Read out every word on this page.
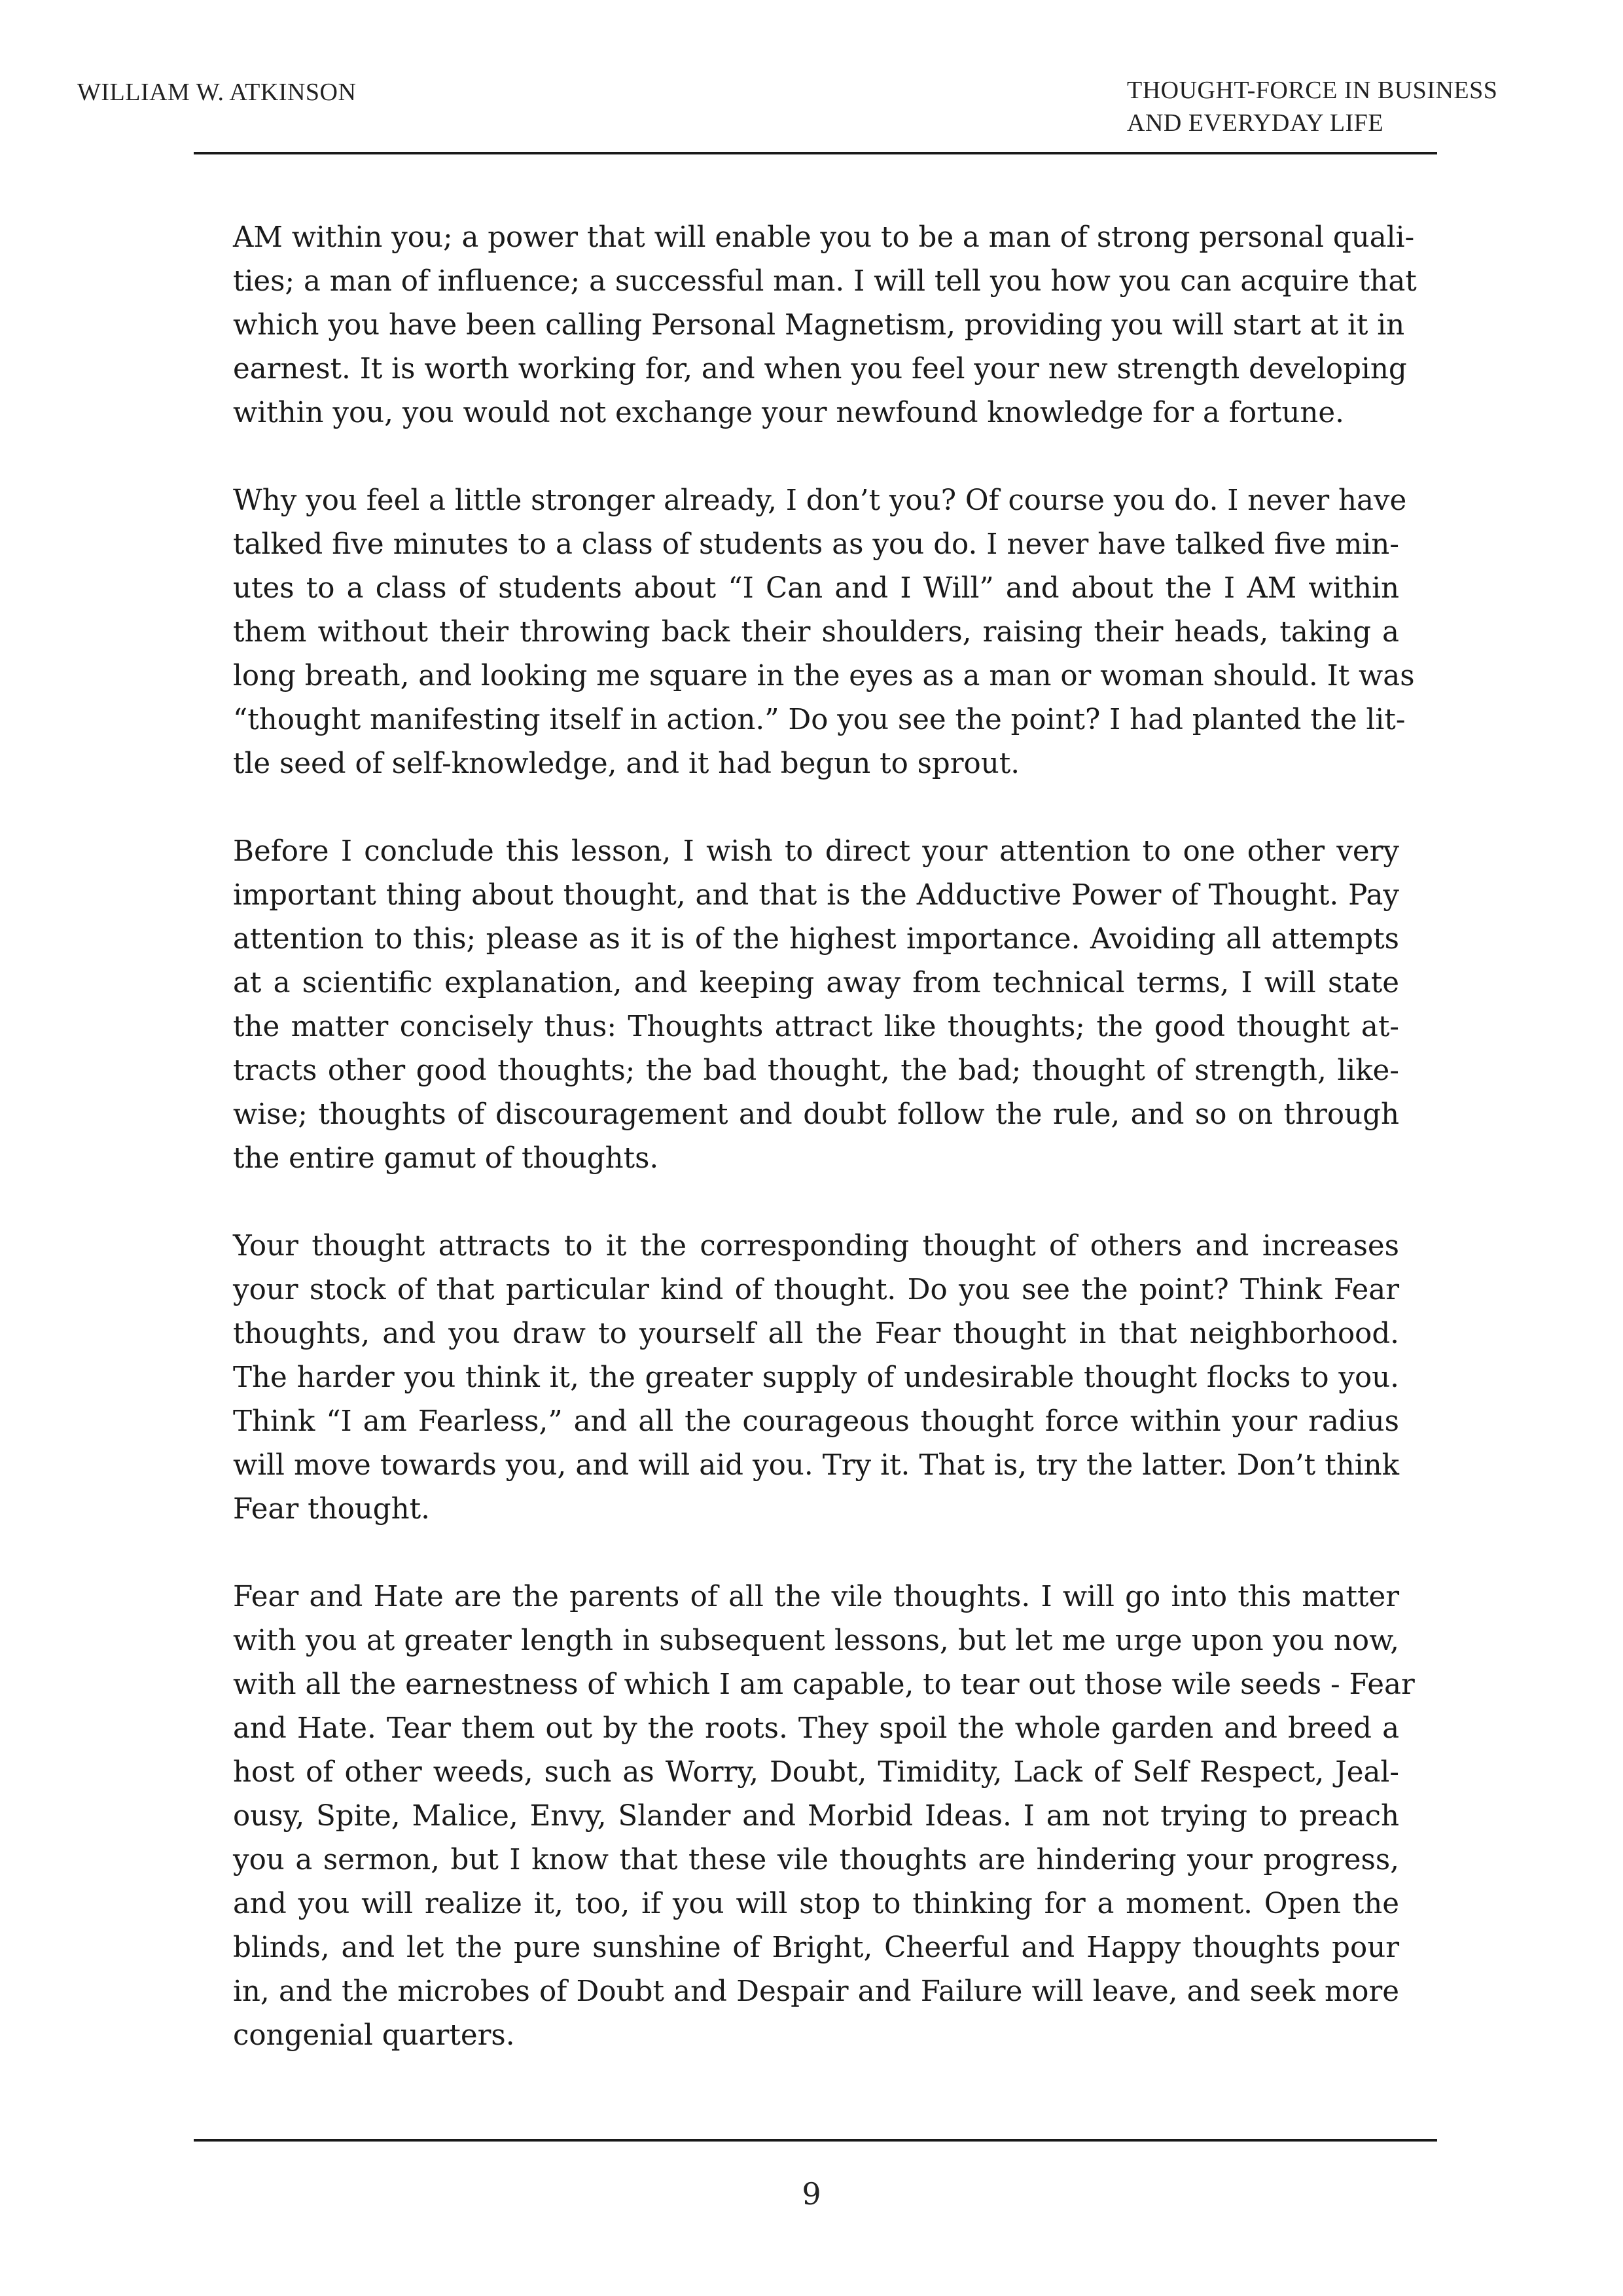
WILLIAM W. ATKINSON	THOUGHT-FORCE IN BUSINESS
AND EVERYDAY LIFE
AM within you; a power that will enable you to be a man of strong personal quali-
ties; a man of influence; a successful man. I will tell you how you can acquire that
which you have been calling Personal Magnetism, providing you will start at it in
earnest. It is worth working for, and when you feel your new strength developing
within you, you would not exchange your newfound knowledge for a fortune.
Why you feel a little stronger already, I don’t you? Of course you do. I never have
talked five minutes to a class of students as you do. I never have talked five min-
utes to a class of students about “I Can and I Will” and about the I AM within
them without their throwing back their shoulders, raising their heads, taking a
long breath, and looking me square in the eyes as a man or woman should. It was
“thought manifesting itself in action.” Do you see the point? I had planted the lit-
tle seed of self-knowledge, and it had begun to sprout.
Before I conclude this lesson, I wish to direct your attention to one other very
important thing about thought, and that is the Adductive Power of Thought. Pay
attention to this; please as it is of the highest importance. Avoiding all attempts
at a scientific explanation, and keeping away from technical terms, I will state
the matter concisely thus: Thoughts attract like thoughts; the good thought at-
tracts other good thoughts; the bad thought, the bad; thought of strength, like-
wise; thoughts of discouragement and doubt follow the rule, and so on through
the entire gamut of thoughts.
Your thought attracts to it the corresponding thought of others and increases
your stock of that particular kind of thought. Do you see the point? Think Fear
thoughts, and you draw to yourself all the Fear thought in that neighborhood.
The harder you think it, the greater supply of undesirable thought flocks to you.
Think “I am Fearless,” and all the courageous thought force within your radius
will move towards you, and will aid you. Try it. That is, try the latter. Don’t think
Fear thought.
Fear and Hate are the parents of all the vile thoughts. I will go into this matter
with you at greater length in subsequent lessons, but let me urge upon you now,
with all the earnestness of which I am capable, to tear out those wile seeds - Fear
and Hate. Tear them out by the roots. They spoil the whole garden and breed a
host of other weeds, such as Worry, Doubt, Timidity, Lack of Self Respect, Jeal-
ousy, Spite, Malice, Envy, Slander and Morbid Ideas. I am not trying to preach
you a sermon, but I know that these vile thoughts are hindering your progress,
and you will realize it, too, if you will stop to thinking for a moment. Open the
blinds, and let the pure sunshine of Bright, Cheerful and Happy thoughts pour
in, and the microbes of Doubt and Despair and Failure will leave, and seek more
congenial quarters.
9
